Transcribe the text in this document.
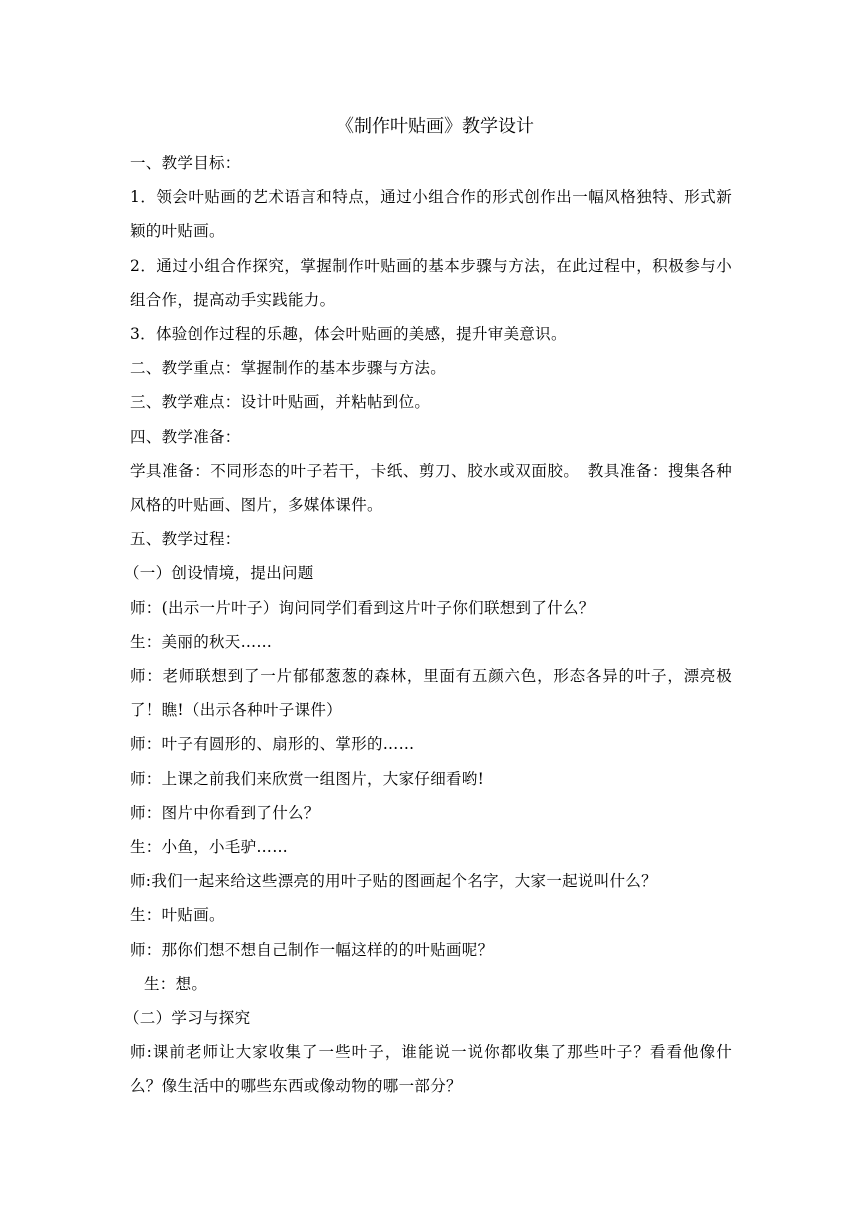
《制作叶贴画》教学设计

一、教学目标：

1．领会叶贴画的艺术语言和特点，通过小组合作的形式创作出一幅风格独特、形式新颖的叶贴画。

2．通过小组合作探究，掌握制作叶贴画的基本步骤与方法，在此过程中，积极参与小组合作，提高动手实践能力。

3．体验创作过程的乐趣，体会叶贴画的美感，提升审美意识。

二、教学重点：掌握制作的基本步骤与方法。

三、教学难点：设计叶贴画，并粘帖到位。

四、教学准备：

学具准备：不同形态的叶子若干，卡纸、剪刀、胶水或双面胶。　教具准备：搜集各种风格的叶贴画、图片，多媒体课件。

五、教学过程：

（一）创设情境，提出问题

师：(出示一片叶子）询问同学们看到这片叶子你们联想到了什么？

生：美丽的秋天……

师：老师联想到了一片郁郁葱葱的森林，里面有五颜六色，形态各异的叶子，漂亮极了！瞧!（出示各种叶子课件）

师：叶子有圆形的、扇形的、掌形的……

师：上课之前我们来欣赏一组图片，大家仔细看哟!

师：图片中你看到了什么？

生：小鱼，小毛驴……

师:我们一起来给这些漂亮的用叶子贴的图画起个名字，大家一起说叫什么？

生：叶贴画。

师：那你们想不想自己制作一幅这样的的叶贴画呢？

生：想。

（二）学习与探究

师:课前老师让大家收集了一些叶子，谁能说一说你都收集了那些叶子？看看他像什么？像生活中的哪些东西或像动物的哪一部分？
